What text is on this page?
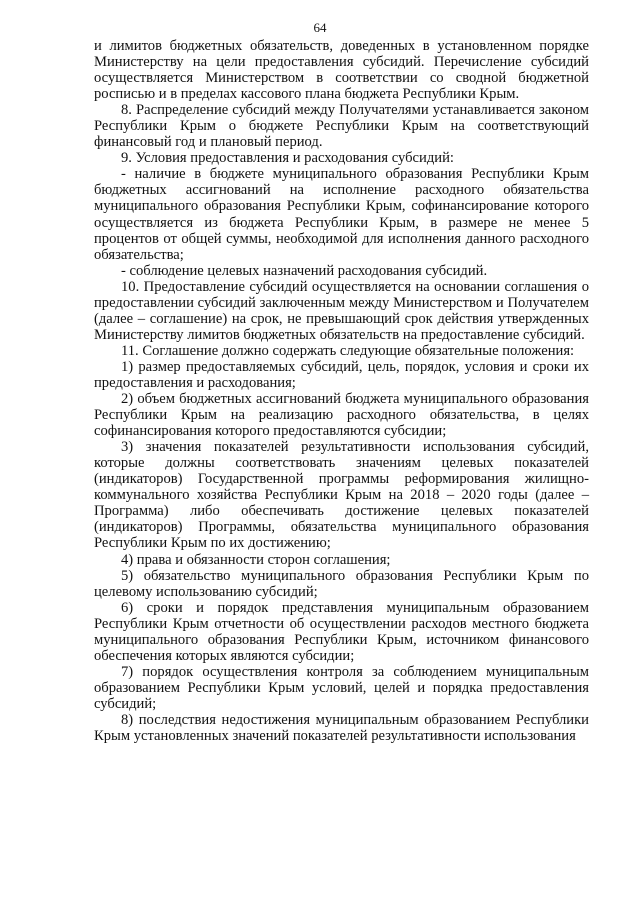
64

и лимитов бюджетных обязательств, доведенных в установленном порядке Министерству на цели предоставления субсидий. Перечисление субсидий осуществляется Министерством в соответствии со сводной бюджетной росписью и в пределах кассового плана бюджета Республики Крым.

8. Распределение субсидий между Получателями устанавливается законом Республики Крым о бюджете Республики Крым на соответствующий финансовый год и плановый период.

9. Условия предоставления и расходования субсидий:

- наличие в бюджете муниципального образования Республики Крым бюджетных ассигнований на исполнение расходного обязательства муниципального образования Республики Крым, софинансирование которого осуществляется из бюджета Республики Крым, в размере не менее 5 процентов от общей суммы, необходимой для исполнения данного расходного обязательства;

- соблюдение целевых назначений расходования субсидий.

10. Предоставление субсидий осуществляется на основании соглашения о предоставлении субсидий заключенным между Министерством и Получателем (далее – соглашение) на срок, не превышающий срок действия утвержденных Министерству лимитов бюджетных обязательств на предоставление субсидий.

11. Соглашение должно содержать следующие обязательные положения:

1) размер предоставляемых субсидий, цель, порядок, условия и сроки их предоставления и расходования;

2) объем бюджетных ассигнований бюджета муниципального образования Республики Крым на реализацию расходного обязательства, в целях софинансирования которого предоставляются субсидии;

3) значения показателей результативности использования субсидий, которые должны соответствовать значениям целевых показателей (индикаторов) Государственной программы реформирования жилищно-коммунального хозяйства Республики Крым на 2018 – 2020 годы (далее – Программа) либо обеспечивать достижение целевых показателей (индикаторов) Программы, обязательства муниципального образования Республики Крым по их достижению;

4) права и обязанности сторон соглашения;

5) обязательство муниципального образования Республики Крым по целевому использованию субсидий;

6) сроки и порядок представления муниципальным образованием Республики Крым отчетности об осуществлении расходов местного бюджета муниципального образования Республики Крым, источником финансового обеспечения которых являются субсидии;

7) порядок осуществления контроля за соблюдением муниципальным образованием Республики Крым условий, целей и порядка предоставления субсидий;

8) последствия недостижения муниципальным образованием Республики Крым установленных значений показателей результативности использования
